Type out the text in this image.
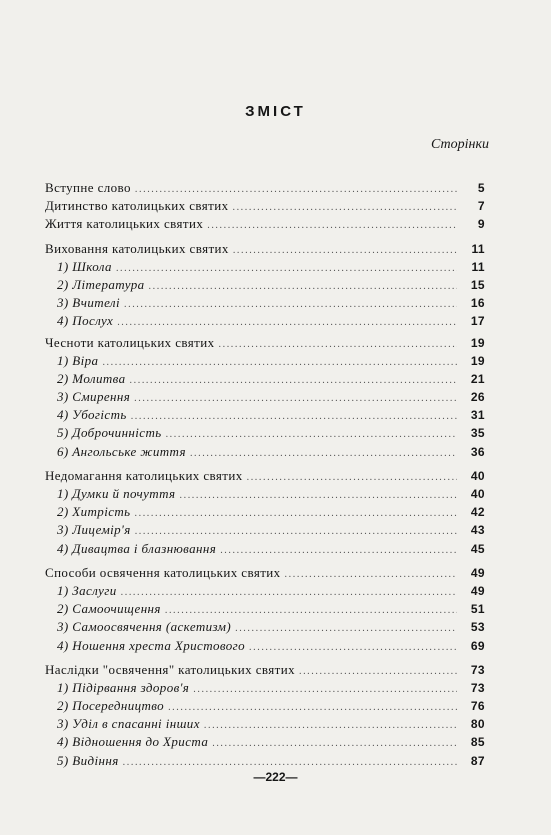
ЗМІСТ
Сторінки
Вступне слово .....	5
Дитинство католицьких святих .....	7
Життя католицьких святих .....	9
Виховання католицьких святих .....	11
1) Школа .....	11
2) Література .....	15
3) Вчителі .....	16
4) Послух .....	17
Чесноти католицьких святих .....	19
1) Віра .....	19
2) Молитва .....	21
3) Смирення .....	26
4) Убогість .....	31
5) Доброчинність .....	35
6) Ангольське життя .....	36
Недомагання католицьких святих .....	40
1) Думки й почуття .....	40
2) Хитрість .....	42
3) Лицемір'я .....	43
4) Дивацтва і блазнювання .....	45
Способи освячення католицьких святих .....	49
1) Заслуги .....	49
2) Самоочищення .....	51
3) Самоосвячення (аскетизм) .....	53
4) Ношення хреста Христового .....	69
Наслідки "освячення" католицьких святих .....	73
1) Підірвання здоров'я .....	73
2) Посередництво .....	76
3) Уділ в спасанні інших .....	80
4) Відношення до Христа .....	85
5) Видіння .....	87
—222—
